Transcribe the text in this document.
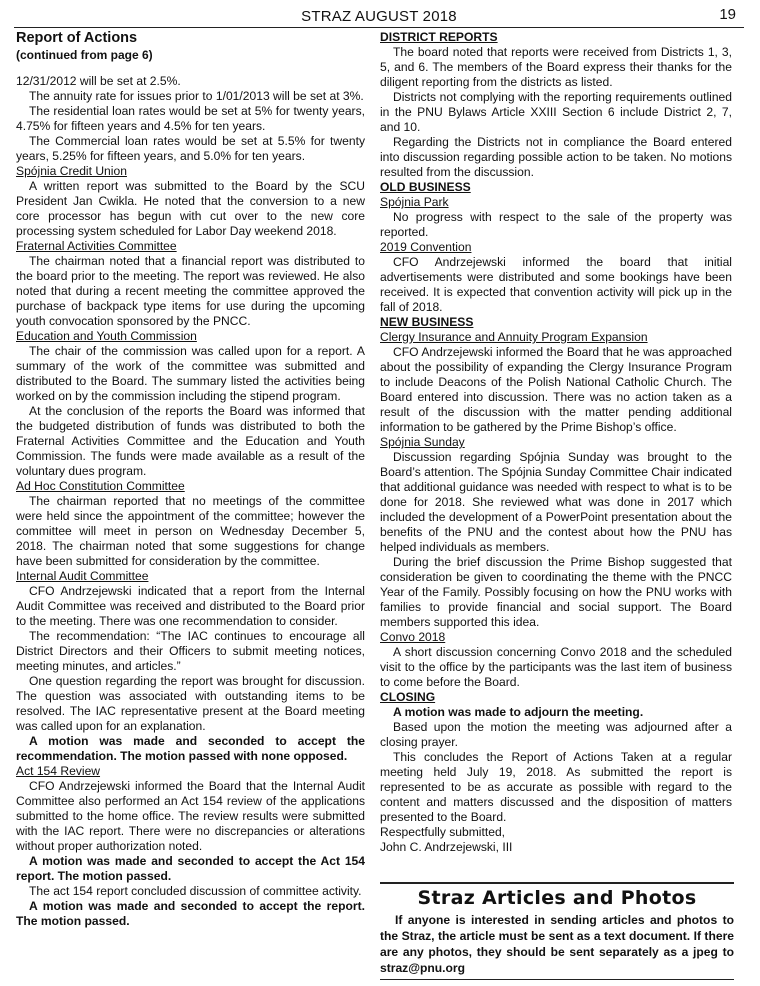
STRAZ AUGUST 2018	19
Report of Actions
(continued from page 6)

12/31/2012 will be set at 2.5%.

The annuity rate for issues prior to 1/01/2013 will be set at 3%.

The residential loan rates would be set at 5% for twenty years, 4.75% for fifteen years and 4.5% for ten years.

The Commercial loan rates would be set at 5.5% for twenty years, 5.25% for fifteen years, and 5.0% for ten years.

Spójnia Credit Union

A written report was submitted to the Board by the SCU President Jan Cwikla. He noted that the conversion to a new core processor has begun with cut over to the new core processing system scheduled for Labor Day weekend 2018.

Fraternal Activities Committee

The chairman noted that a financial report was distributed to the board prior to the meeting. The report was reviewed. He also noted that during a recent meeting the committee approved the purchase of backpack type items for use during the upcoming youth convocation sponsored by the PNCC.

Education and Youth Commission

The chair of the commission was called upon for a report. A summary of the work of the committee was submitted and distributed to the Board. The summary listed the activities being worked on by the commission including the stipend program.

At the conclusion of the reports the Board was informed that the budgeted distribution of funds was distributed to both the Fraternal Activities Committee and the Education and Youth Commission. The funds were made available as a result of the voluntary dues program.

Ad Hoc Constitution Committee

The chairman reported that no meetings of the committee were held since the appointment of the committee; however the committee will meet in person on Wednesday December 5, 2018. The chairman noted that some suggestions for change have been submitted for consideration by the committee.

Internal Audit Committee

CFO Andrzejewski indicated that a report from the Internal Audit Committee was received and distributed to the Board prior to the meeting. There was one recommendation to consider.

The recommendation: “The IAC continues to encourage all District Directors and their Officers to submit meeting notices, meeting minutes, and articles.”

One question regarding the report was brought for discussion. The question was associated with outstanding items to be resolved. The IAC representative present at the Board meeting was called upon for an explanation.

A motion was made and seconded to accept the recommendation. The motion passed with none opposed.

Act 154 Review

CFO Andrzejewski informed the Board that the Internal Audit Committee also performed an Act 154 review of the applications submitted to the home office. The review results were submitted with the IAC report. There were no discrepancies or alterations without proper authorization noted.

A motion was made and seconded to accept the Act 154 report. The motion passed.

The act 154 report concluded discussion of committee activity.

A motion was made and seconded to accept the report. The motion passed.

DISTRICT REPORTS

The board noted that reports were received from Districts 1, 3, 5, and 6. The members of the Board express their thanks for the diligent reporting from the districts as listed.

Districts not complying with the reporting requirements outlined in the PNU Bylaws Article XXIII Section 6 include District 2, 7, and 10.

Regarding the Districts not in compliance the Board entered into discussion regarding possible action to be taken. No motions resulted from the discussion.

OLD BUSINESS

Spójnia Park

No progress with respect to the sale of the property was reported.

2019 Convention

CFO Andrzejewski informed the board that initial advertisements were distributed and some bookings have been received. It is expected that convention activity will pick up in the fall of 2018.

NEW BUSINESS

Clergy Insurance and Annuity Program Expansion

CFO Andrzejewski informed the Board that he was approached about the possibility of expanding the Clergy Insurance Program to include Deacons of the Polish National Catholic Church. The Board entered into discussion. There was no action taken as a result of the discussion with the matter pending additional information to be gathered by the Prime Bishop’s office.

Spójnia Sunday

Discussion regarding Spójnia Sunday was brought to the Board’s attention. The Spójnia Sunday Committee Chair indicated that additional guidance was needed with respect to what is to be done for 2018. She reviewed what was done in 2017 which included the development of a PowerPoint presentation about the benefits of the PNU and the contest about how the PNU has helped individuals as members.

During the brief discussion the Prime Bishop suggested that consideration be given to coordinating the theme with the PNCC Year of the Family. Possibly focusing on how the PNU works with families to provide financial and social support. The Board members supported this idea.

Convo 2018

A short discussion concerning Convo 2018 and the scheduled visit to the office by the participants was the last item of business to come before the Board.

CLOSING

A motion was made to adjourn the meeting.

Based upon the motion the meeting was adjourned after a closing prayer.

This concludes the Report of Actions Taken at a regular meeting held July 19, 2018. As submitted the report is represented to be as accurate as possible with regard to the content and matters discussed and the disposition of matters presented to the Board.

Respectfully submitted,

John C. Andrzejewski, III

Straz Articles and Photos

If anyone is interested in sending articles and photos to the Straz, the article must be sent as a text document. If there are any photos, they should be sent separately as a jpeg to straz@pnu.org
